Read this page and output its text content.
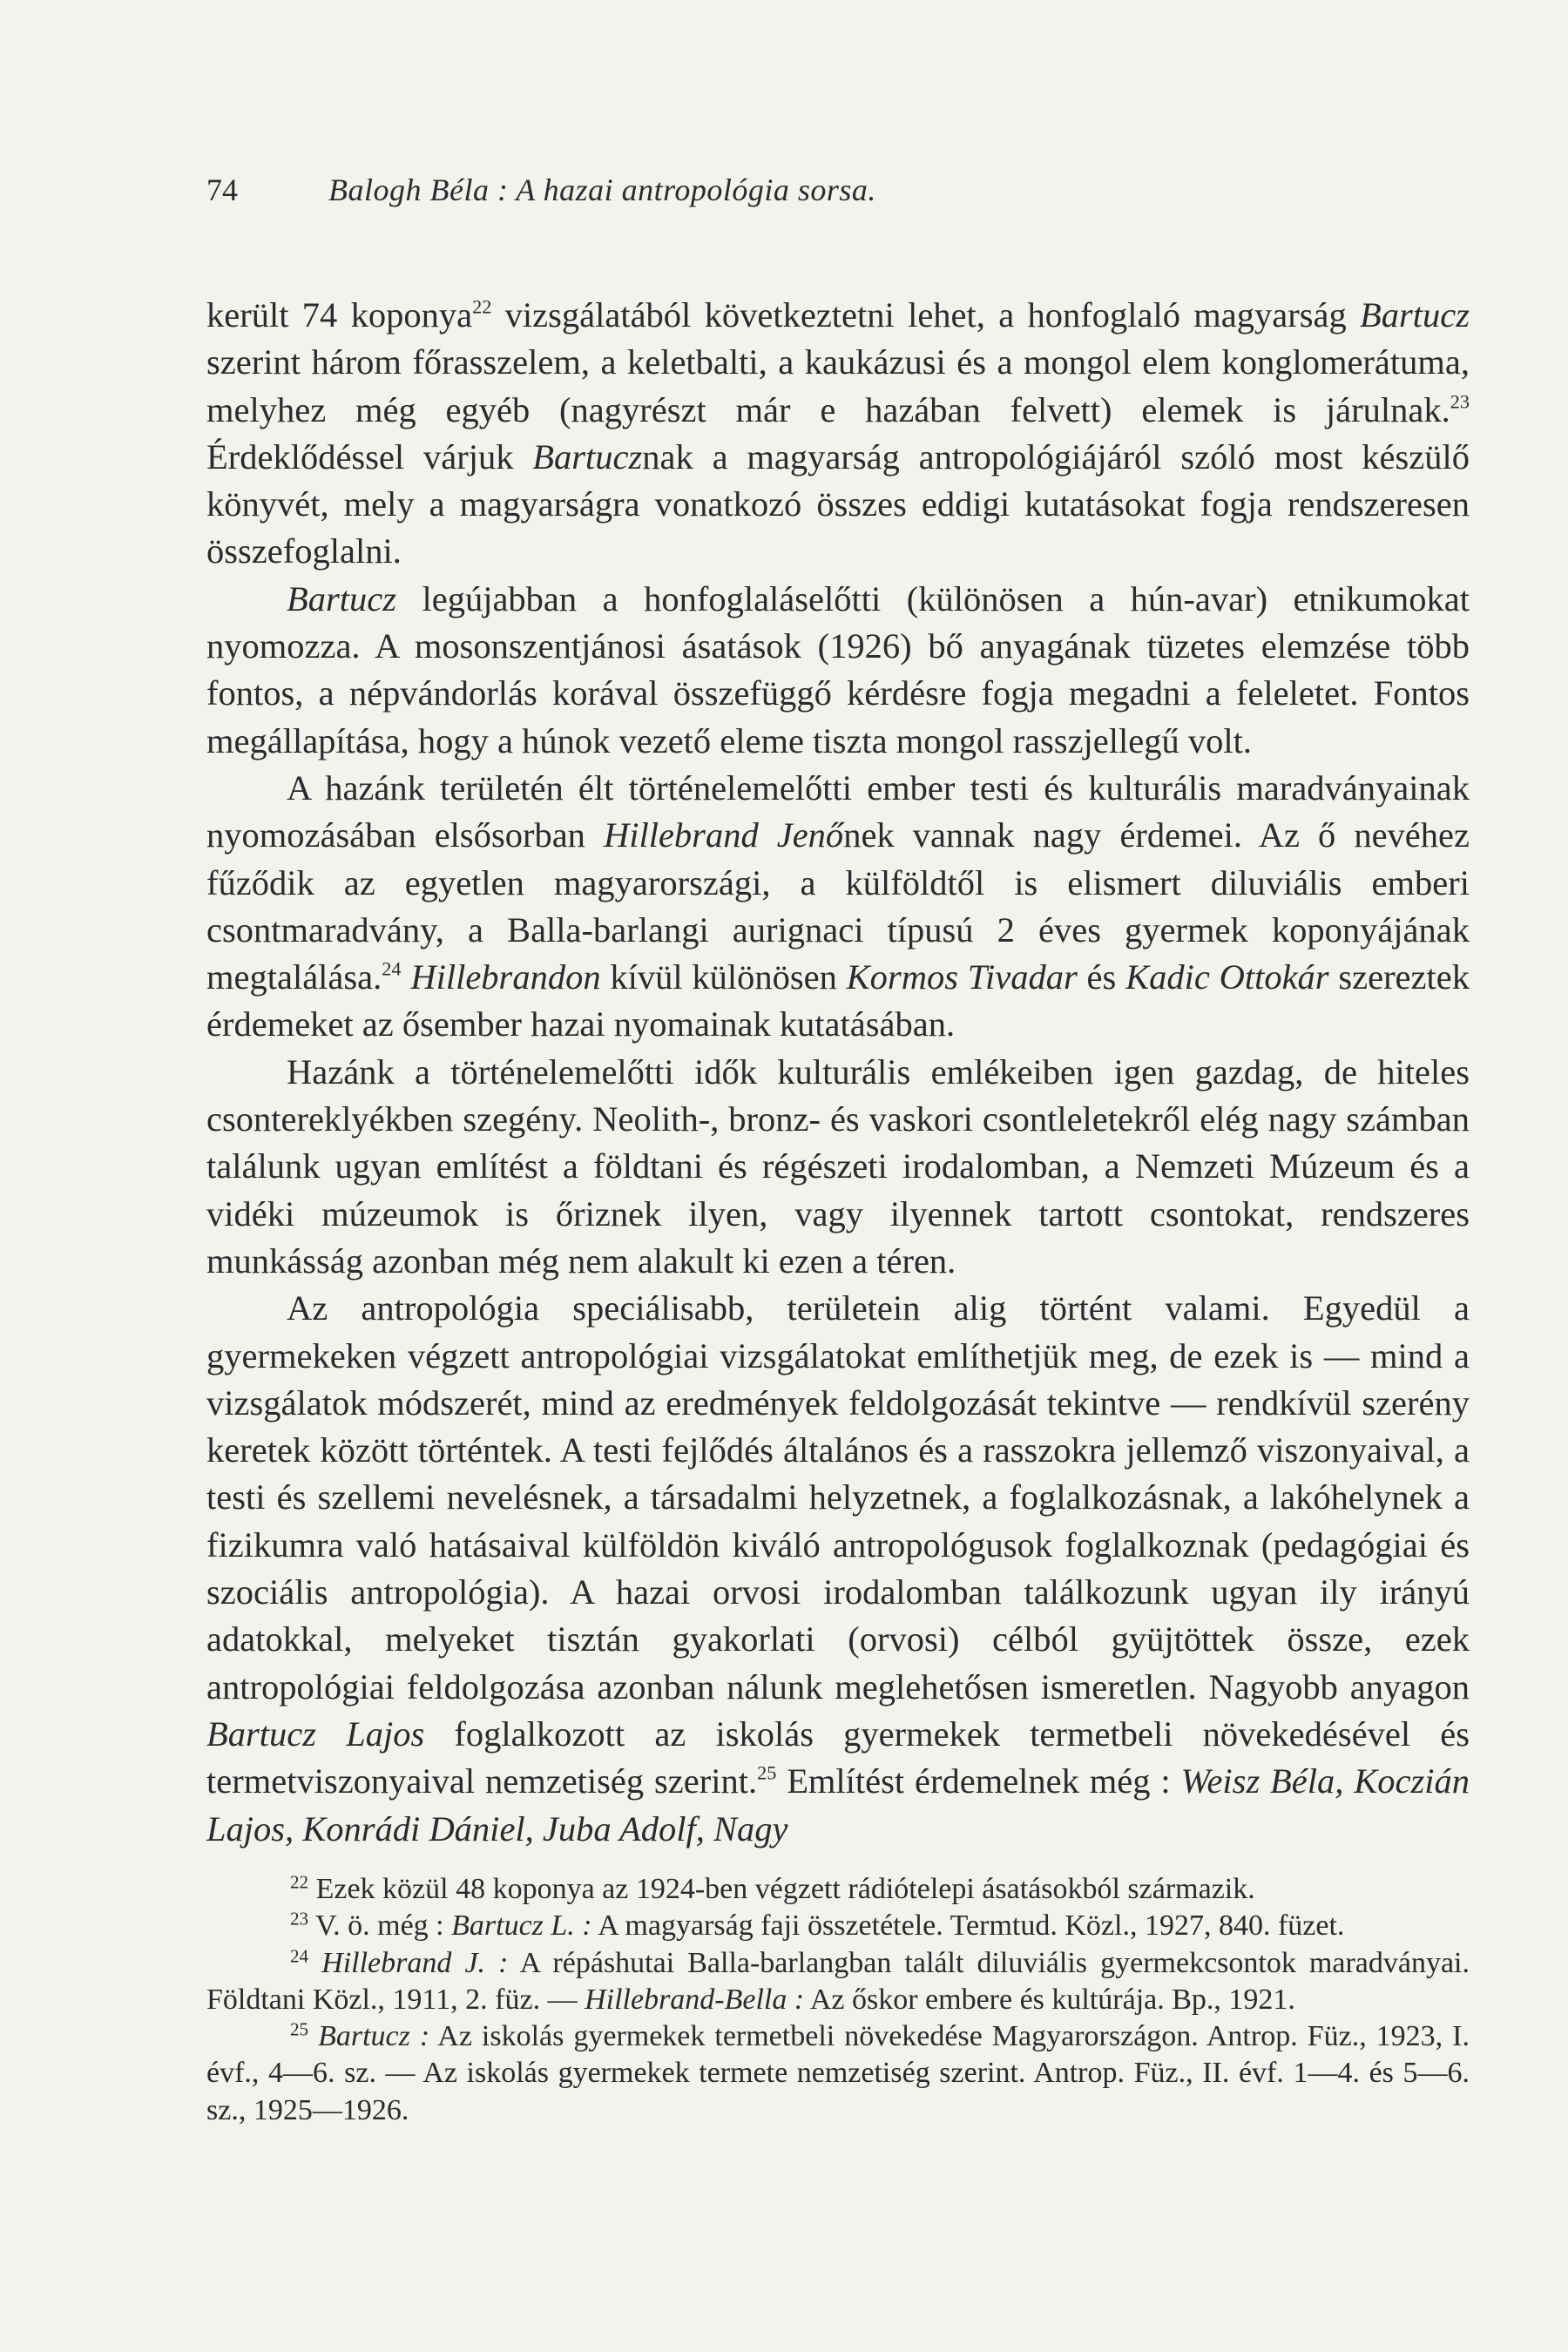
74	Balogh Béla : A hazai antropológia sorsa.

került 74 koponya$^{22}$ vizsgálatából következtetni lehet, a honfoglaló magyarság Bartucz szerint három főrasszelem, a keletbalti, a kaukázusi és a mongol elem konglomerátuma, melyhez még egyéb (nagyrészt már e hazában felvett) elemek is járulnak.$^{23}$ Érdeklődéssel várjuk Bartucznak a magyarság antropológiájáról szóló most készülő könyvét, mely a magyarságra vonatkozó összes eddigi kutatásokat fogja rendszeresen összefoglalni.

Bartucz legújabban a honfoglaláselőtti (különösen a hún-avar) etnikumokat nyomozza. A mosonszentjánosi ásatások (1926) bő anyagának tüzetes elemzése több fontos, a népvándorlás korával összefüggő kérdésre fogja megadni a feleletet. Fontos megállapítása, hogy a húnok vezető eleme tiszta mongol rasszjellegű volt.

A hazánk területén élt történelemelőtti ember testi és kulturális maradványainak nyomozásában elsősorban Hillebrand Jenőnek vannak nagy érdemei. Az ő nevéhez fűződik az egyetlen magyarországi, a külföldtől is elismert diluviális emberi csontmaradvány, a Balla-barlangi aurignaci típusú 2 éves gyermek koponyájának megtalálása.$^{24}$ Hillebrandon kívül különösen Kormos Tivadar és Kadic Ottokár szereztek érdemeket az ősember hazai nyomainak kutatásában.

Hazánk a történelemelőtti idők kulturális emlékeiben igen gazdag, de hiteles csontereklyékben szegény. Neolith-, bronz- és vaskori csontleletekről elég nagy számban találunk ugyan említést a földtani és régészeti irodalomban, a Nemzeti Múzeum és a vidéki múzeumok is őriznek ilyen, vagy ilyennek tartott csontokat, rendszeres munkásság azonban még nem alakult ki ezen a téren.

Az antropológia speciálisabb, területein alig történt valami. Egyedül a gyermekeken végzett antropológiai vizsgálatokat említhetjük meg, de ezek is — mind a vizsgálatok módszerét, mind az eredmények feldolgozását tekintve — rendkívül szerény keretek között történtek. A testi fejlődés általános és a rasszokra jellemző viszonyaival, a testi és szellemi nevelésnek, a társadalmi helyzetnek, a foglalkozásnak, a lakóhelynek a fizikumra való hatásaival külföldön kiváló antropológusok foglalkoznak (pedagógiai és szociális antropológia). A hazai orvosi irodalomban találkozunk ugyan ily irányú adatokkal, melyeket tisztán gyakorlati (orvosi) célból gyüjtöttek össze, ezek antropológiai feldolgozása azonban nálunk meglehetősen ismeretlen. Nagyobb anyagon Bartucz Lajos foglalkozott az iskolás gyermekek termetbeli növekedésével és termetviszonyaival nemzetiség szerint.$^{25}$ Említést érdemelnek még : Weisz Béla, Koczián Lajos, Konrádi Dániel, Juba Adolf, Nagy

$^{22}$ Ezek közül 48 koponya az 1924-ben végzett rádiótelepi ásatásokból származik.

$^{23}$ V. ö. még : Bartucz L. : A magyarság faji összetétele. Termtud. Közl., 1927, 840. füzet.

$^{24}$ Hillebrand J. : A répáshutai Balla-barlangban talált diluviális gyermekcsontok maradványai. Földtani Közl., 1911, 2. füz. — Hillebrand-Bella : Az őskor embere és kultúrája. Bp., 1921.

$^{25}$ Bartucz : Az iskolás gyermekek termetbeli növekedése Magyarországon. Antrop. Füz., 1923, I. évf., 4—6. sz. — Az iskolás gyermekek termete nemzetiség szerint. Antrop. Füz., II. évf. 1—4. és 5—6. sz., 1925—1926.
